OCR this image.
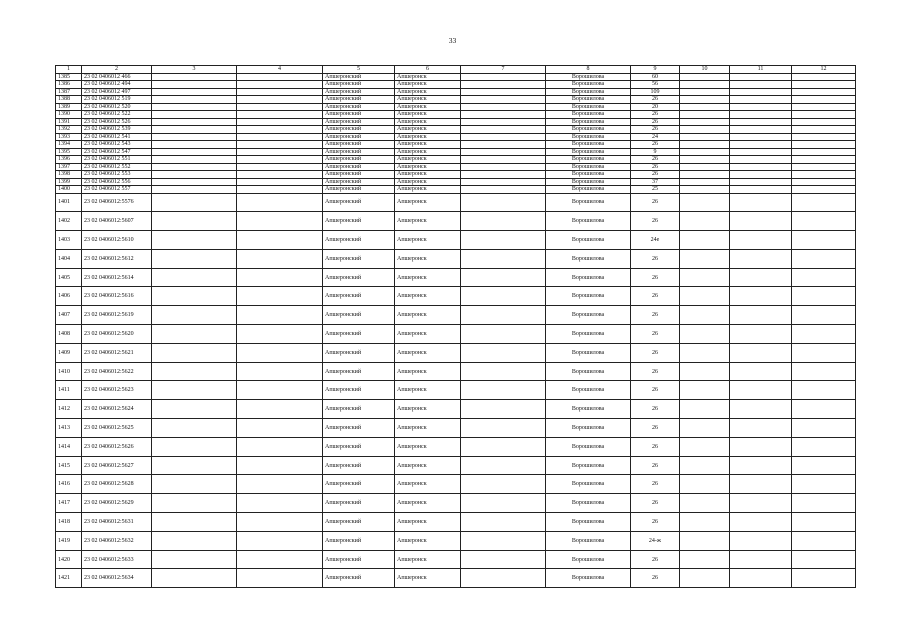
33
1	2	3	4	5	6	7	8	9	10	11	12
1385	23 02 0406012 466			Апшеронский	Апшеронск		Ворошилова	60			
1386	23 02 0406012 494			Апшеронский	Апшеронск		Ворошилова	56			
1387	23 02 0406012 497			Апшеронский	Апшеронск		Ворошилова	109			
1388	23 02 0406012 519			Апшеронский	Апшеронск		Ворошилова	26			
1389	23 02 0406012 520			Апшеронский	Апшеронск		Ворошилова	20			
1390	23 02 0406012 522			Апшеронский	Апшеронск		Ворошилова	26			
1391	23 02 0406012 526			Апшеронский	Апшеронск		Ворошилова	26			
1392	23 02 0406012 539			Апшеронский	Апшеронск		Ворошилова	26			
1393	23 02 0406012 541			Апшеронский	Апшеронск		Ворошилова	24			
1394	23 02 0406012 543			Апшеронский	Апшеронск		Ворошилова	26			
1395	23 02 0406012 547			Апшеронский	Апшеронск		Ворошилова	9			
1396	23 02 0406012 551			Апшеронский	Апшеронск		Ворошилова	26			
1397	23 02 0406012 552			Апшеронский	Апшеронск		Ворошилова	26			
1398	23 02 0406012 553			Апшеронский	Апшеронск		Ворошилова	26			
1399	23 02 0406012 556			Апшеронский	Апшеронск		Ворошилова	37			
1400	23 02 0406012 557			Апшеронский	Апшеронск		Ворошилова	25			
1401	23 02 0406012:5576			Апшеронский	Апшеронск		Ворошилова	26			
1402	23 02 0406012:5607			Апшеронский	Апшеронск		Ворошилова	26			
1403	23 02 0406012:5610			Апшеронский	Апшеронск		Ворошилова	24е			
1404	23 02 0406012:5612			Апшеронский	Апшеронск		Ворошилова	26			
1405	23 02 0406012:5614			Апшеронский	Апшеронск		Ворошилова	26			
1406	23 02 0406012:5616			Апшеронский	Апшеронск		Ворошилова	26			
1407	23 02 0406012:5619			Апшеронский	Апшеронск		Ворошилова	26			
1408	23 02 0406012:5620			Апшеронский	Апшеронск		Ворошилова	26			
1409	23 02 0406012:5621			Апшеронский	Апшеронск		Ворошилова	26			
1410	23 02 0406012:5622			Апшеронский	Апшеронск		Ворошилова	26			
1411	23 02 0406012:5623			Апшеронский	Апшеронск		Ворошилова	26			
1412	23 02 0406012:5624			Апшеронский	Апшеронск		Ворошилова	26			
1413	23 02 0406012:5625			Апшеронский	Апшеронск		Ворошилова	26			
1414	23 02 0406012:5626			Апшеронский	Апшеронск		Ворошилова	26			
1415	23 02 0406012:5627			Апшеронский	Апшеронск		Ворошилова	26			
1416	23 02 0406012:5628			Апшеронский	Апшеронск		Ворошилова	26			
1417	23 02 0406012:5629			Апшеронский	Апшеронск		Ворошилова	26			
1418	23 02 0406012:5631			Апшеронский	Апшеронск		Ворошилова	26			
1419	23 02 0406012:5632			Апшеронский	Апшеронск		Ворошилова	24-ж			
1420	23 02 0406012:5633			Апшеронский	Апшеронск		Ворошилова	26			
1421	23 02 0406012:5634			Апшеронский	Апшеронск		Ворошилова	26			
